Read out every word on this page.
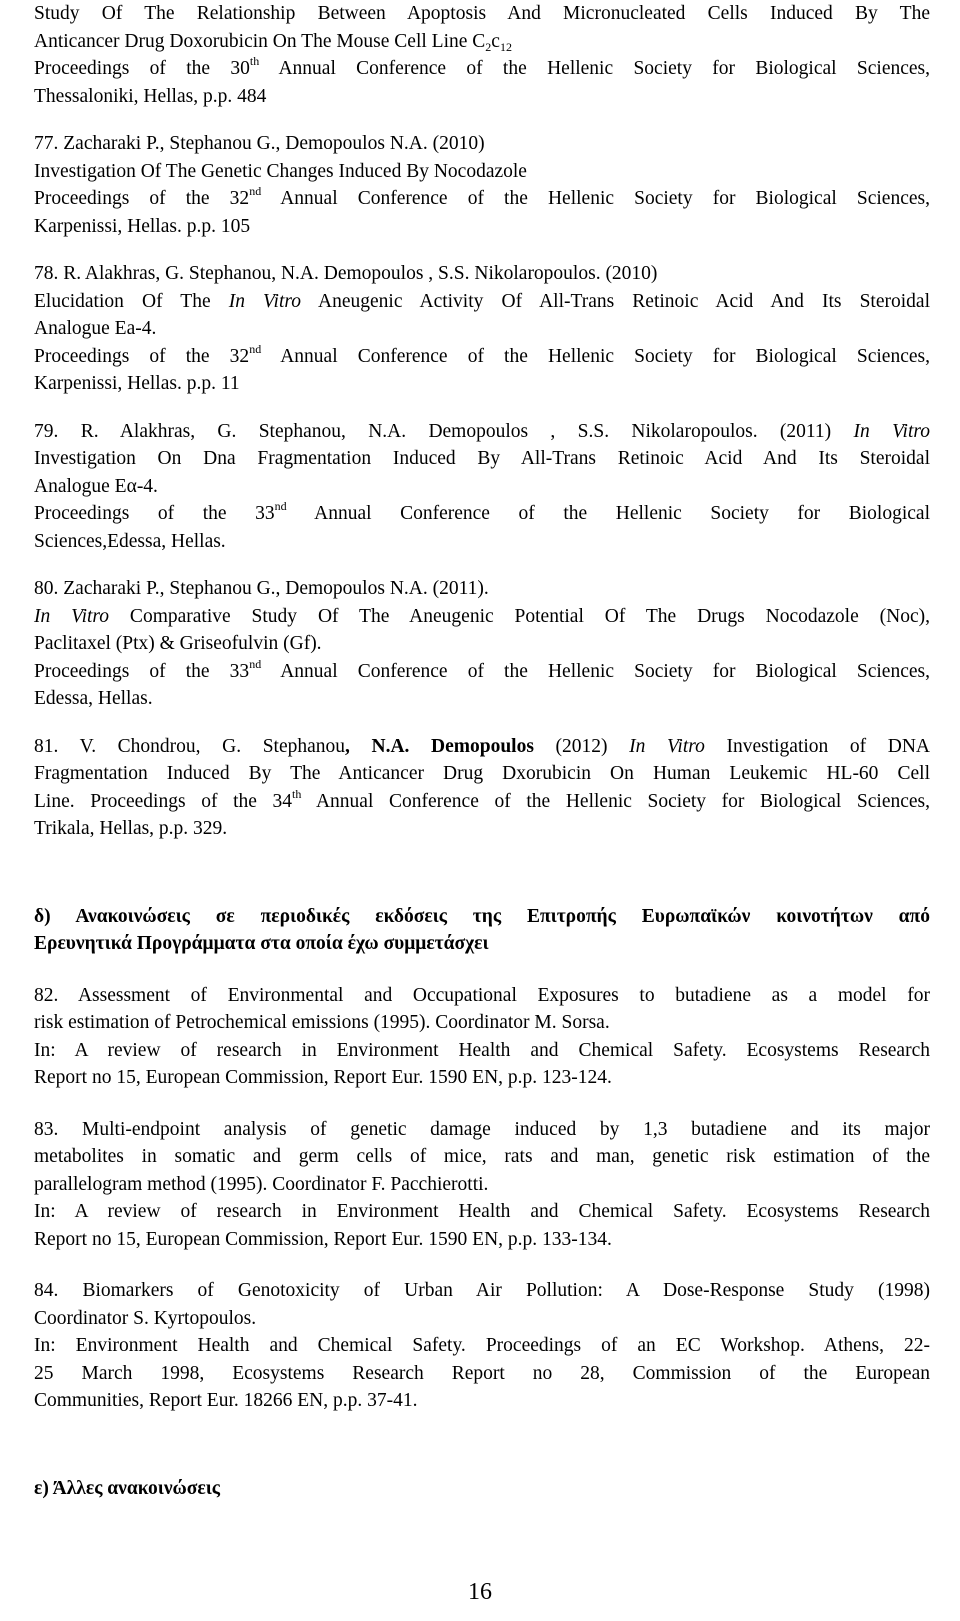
Study Of The Relationship Between Apoptosis And Micronucleated Cells Induced By The
Anticancer Drug Doxorubicin On The Mouse Cell Line $C_2c_{12}$
Proceedings of the 30th Annual Conference of the Hellenic Society for Biological Sciences,
Thessaloniki, Hellas, p.p. 484
77. Zacharaki P., Stephanou G., Demopoulos N.A. (2010)
Investigation Of The Genetic Changes Induced By Nocodazole
Proceedings of the 32nd Annual Conference of the Hellenic Society for Biological Sciences,
Karpenissi, Hellas. p.p. 105
78. R. Alakhras, G. Stephanou, N.A. Demopoulos , S.S. Nikolaropoulos. (2010)
Elucidation Of The In Vitro Aneugenic Activity Of All-Trans Retinoic Acid And Its Steroidal
Analogue Ea-4.
Proceedings of the 32nd Annual Conference of the Hellenic Society for Biological Sciences,
Karpenissi, Hellas. p.p. 11
79. R. Alakhras, G. Stephanou, N.A. Demopoulos , S.S. Nikolaropoulos. (2011) In Vitro
Investigation On Dna Fragmentation Induced By All-Trans Retinoic Acid And Its Steroidal
Analogue Eα-4.
Proceedings of the 33nd Annual Conference of the Hellenic Society for Biological
Sciences,Edessa, Hellas.
80. Zacharaki P., Stephanou G., Demopoulos N.A. (2011).
In Vitro Comparative Study Of The Aneugenic Potential Of The Drugs Nocodazole (Noc),
Paclitaxel (Ptx) & Griseofulvin (Gf).
Proceedings of the 33nd Annual Conference of the Hellenic Society for Biological Sciences,
Edessa, Hellas.
81. V. Chondrou, G. Stephanou, N.A. Demopoulos (2012) In Vitro Investigation of DNA
Fragmentation Induced By The Anticancer Drug Dxorubicin On Human Leukemic HL-60 Cell
Line. Proceedings of the 34th Annual Conference of the Hellenic Society for Biological Sciences,
Trikala, Hellas, p.p. 329.
δ) Ανακοινώσεις σε περιοδικές εκδόσεις της Επιτροπής Ευρωπαϊκών κοινοτήτων από
Ερευνητικά Προγράμματα στα οποία έχω συμμετάσχει
82. Assessment of Environmental and Occupational Exposures to butadiene as a model for
risk estimation of Petrochemical emissions (1995). Coordinator M. Sorsa.
In: A review of research in Environment Health and Chemical Safety. Ecosystems Research
Report no 15, European Commission, Report Eur. 1590 EN, p.p. 123-124.
83. Multi-endpoint analysis of genetic damage induced by 1,3 butadiene and its major
metabolites in somatic and germ cells of mice, rats and man, genetic risk estimation of the
parallelogram method (1995). Coordinator F. Pacchierotti.
In: A review of research in Environment Health and Chemical Safety. Ecosystems Research
Report no 15, European Commission, Report Eur. 1590 EN, p.p. 133-134.
84. Biomarkers of Genotoxicity of Urban Air Pollution: A Dose-Response Study (1998)
Coordinator S. Kyrtopoulos.
In: Environment Health and Chemical Safety. Proceedings of an EC Workshop. Athens, 22-
25 March 1998, Ecosystems Research Report no 28, Commission of the European
Communities, Report Eur. 18266 EN, p.p. 37-41.
ε) Άλλες ανακοινώσεις
16
